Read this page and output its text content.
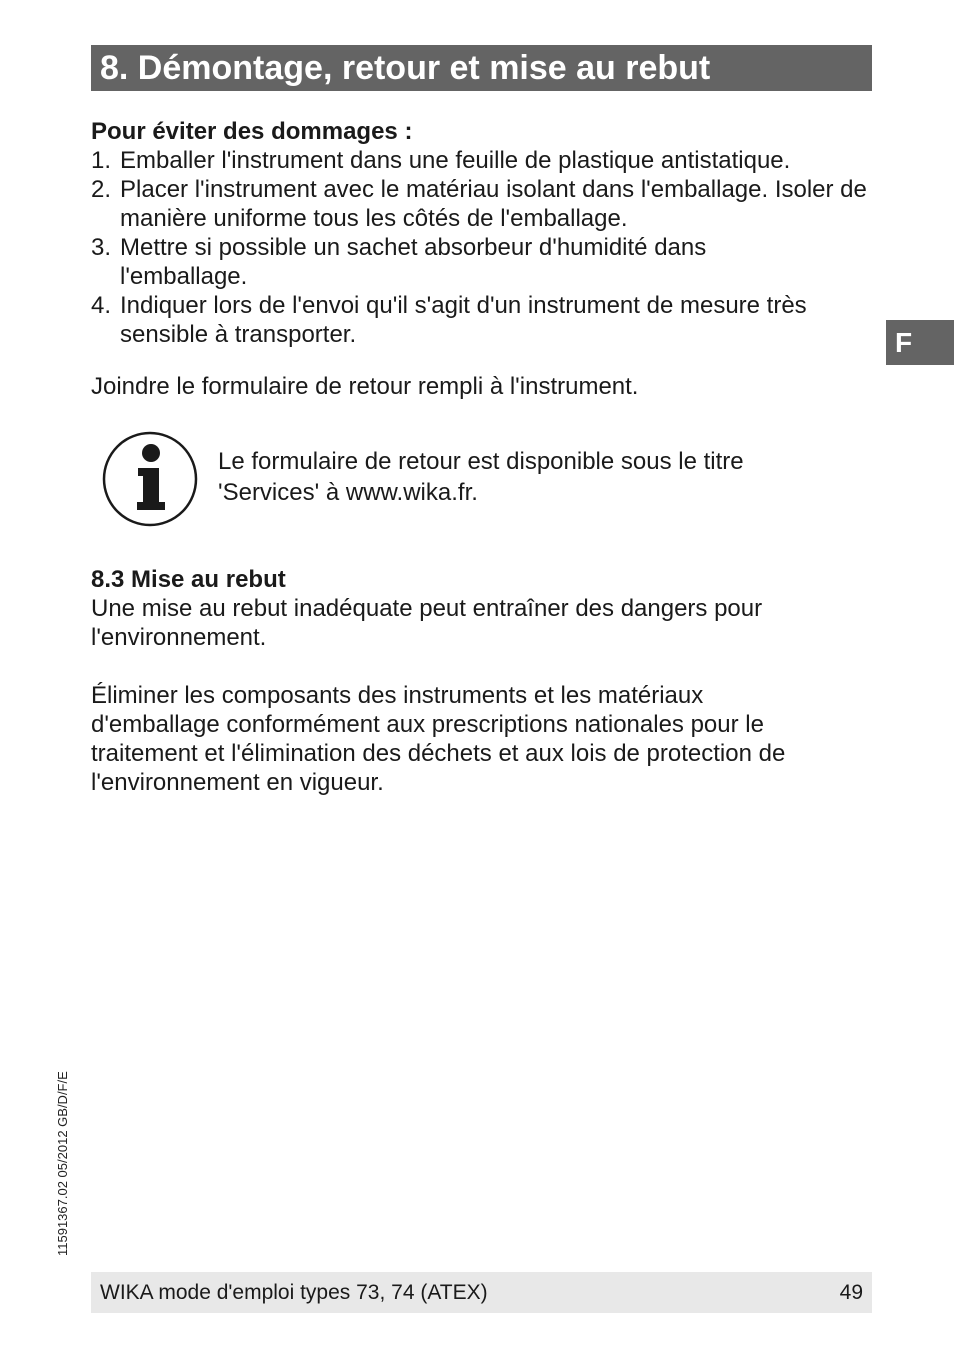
8. Démontage, retour et mise au rebut
F

Pour éviter des dommages :

1. Emballer l'instrument dans une feuille de plastique antistatique.

2. Placer l'instrument avec le matériau isolant dans l'emballage. Isoler de manière uniforme tous les côtés de l'emballage.

3. Mettre si possible un sachet absorbeur d'humidité dans l'emballage.

4. Indiquer lors de l'envoi qu'il s'agit d'un instrument de mesure très sensible à transporter.

Joindre le formulaire de retour rempli à l'instrument.

Le formulaire de retour est disponible sous le titre
'Services' à www.wika.fr.

8.3 Mise au rebut

Une mise au rebut inadéquate peut entraîner des dangers pour l'environnement.

Éliminer les composants des instruments et les matériaux d'emballage conformément aux prescriptions nationales pour le traitement et l'élimination des déchets et aux lois de protection de l'environnement en vigueur.

11591367.02 05/2012 GB/D/F/E
WIKA mode d'emploi types 73, 74 (ATEX)	49
